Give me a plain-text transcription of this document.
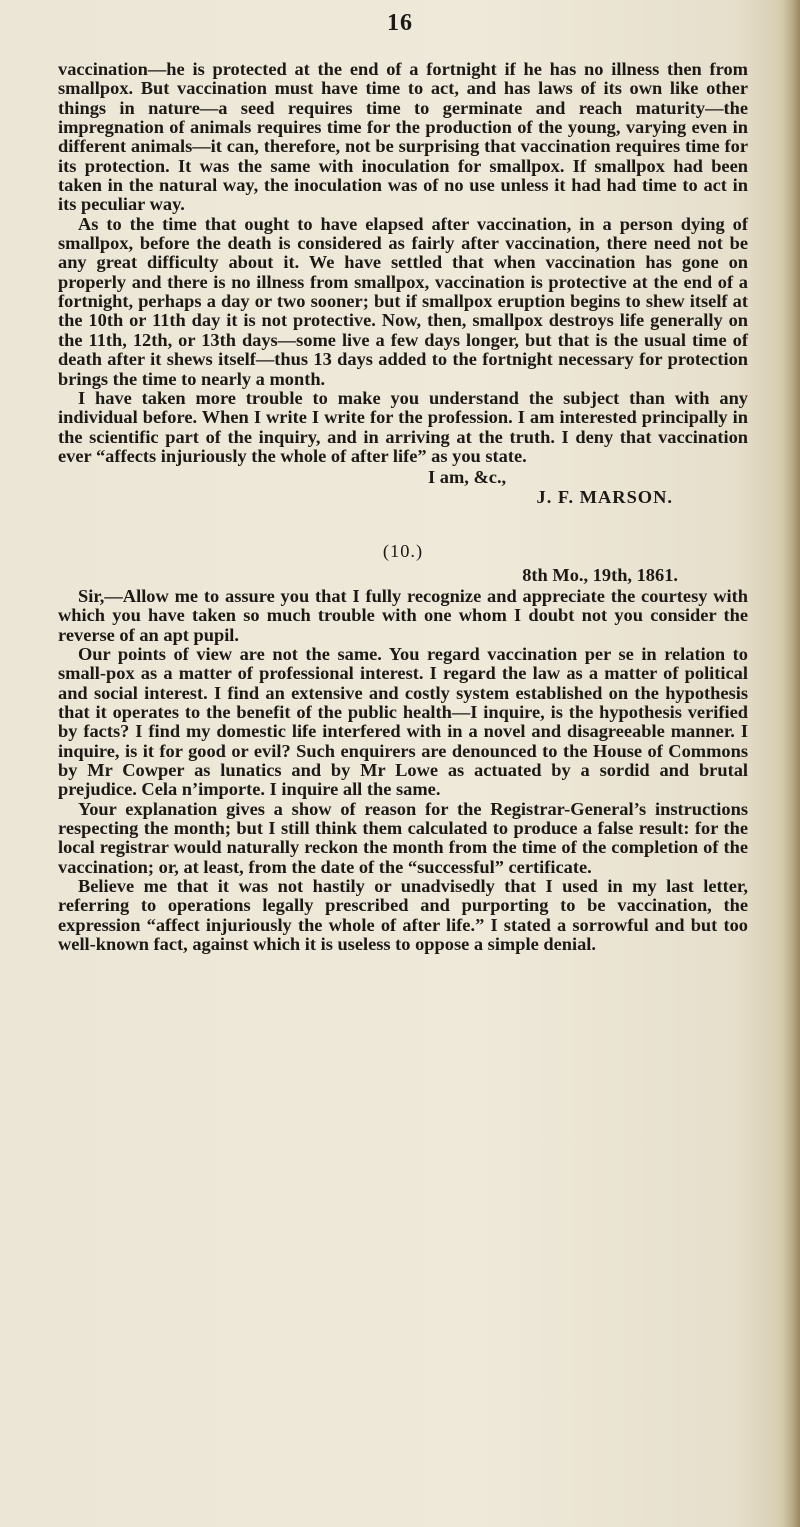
16

vaccination—he is protected at the end of a fortnight if he has no illness then from smallpox. But vaccination must have time to act, and has laws of its own like other things in nature—a seed requires time to germinate and reach maturity—the impregnation of animals requires time for the production of the young, varying even in different animals—it can, therefore, not be surprising that vaccination requires time for its protection. It was the same with inoculation for smallpox. If smallpox had been taken in the natural way, the inoculation was of no use unless it had had time to act in its peculiar way.

As to the time that ought to have elapsed after vaccination, in a person dying of smallpox, before the death is considered as fairly after vaccination, there need not be any great difficulty about it. We have settled that when vaccination has gone on properly and there is no illness from smallpox, vaccination is protective at the end of a fortnight, perhaps a day or two sooner; but if smallpox eruption begins to shew itself at the 10th or 11th day it is not protective. Now, then, smallpox destroys life generally on the 11th, 12th, or 13th days—some live a few days longer, but that is the usual time of death after it shews itself—thus 13 days added to the fortnight necessary for protection brings the time to nearly a month.

I have taken more trouble to make you understand the subject than with any individual before. When I write I write for the profession. I am interested principally in the scientific part of the inquiry, and in arriving at the truth. I deny that vaccination ever “affects injuriously the whole of after life” as you state.

I am, &c.,
J. F. MARSON.
(10.)
8th Mo., 19th, 1861.

Sir,—Allow me to assure you that I fully recognize and appreciate the courtesy with which you have taken so much trouble with one whom I doubt not you consider the reverse of an apt pupil.

Our points of view are not the same. You regard vaccination per se in relation to small-pox as a matter of professional interest. I regard the law as a matter of political and social interest. I find an extensive and costly system established on the hypothesis that it operates to the benefit of the public health—I inquire, is the hypothesis verified by facts? I find my domestic life interfered with in a novel and disagreeable manner. I inquire, is it for good or evil? Such enquirers are denounced to the House of Commons by Mr Cowper as lunatics and by Mr Lowe as actuated by a sordid and brutal prejudice. Cela n’importe. I inquire all the same.

Your explanation gives a show of reason for the Registrar-General’s instructions respecting the month; but I still think them calculated to produce a false result: for the local registrar would naturally reckon the month from the time of the completion of the vaccination; or, at least, from the date of the “successful” certificate.

Believe me that it was not hastily or unadvisedly that I used in my last letter, referring to operations legally prescribed and purporting to be vaccination, the expression “affect injuriously the whole of after life.” I stated a sorrowful and but too well-known fact, against which it is useless to oppose a simple denial.
